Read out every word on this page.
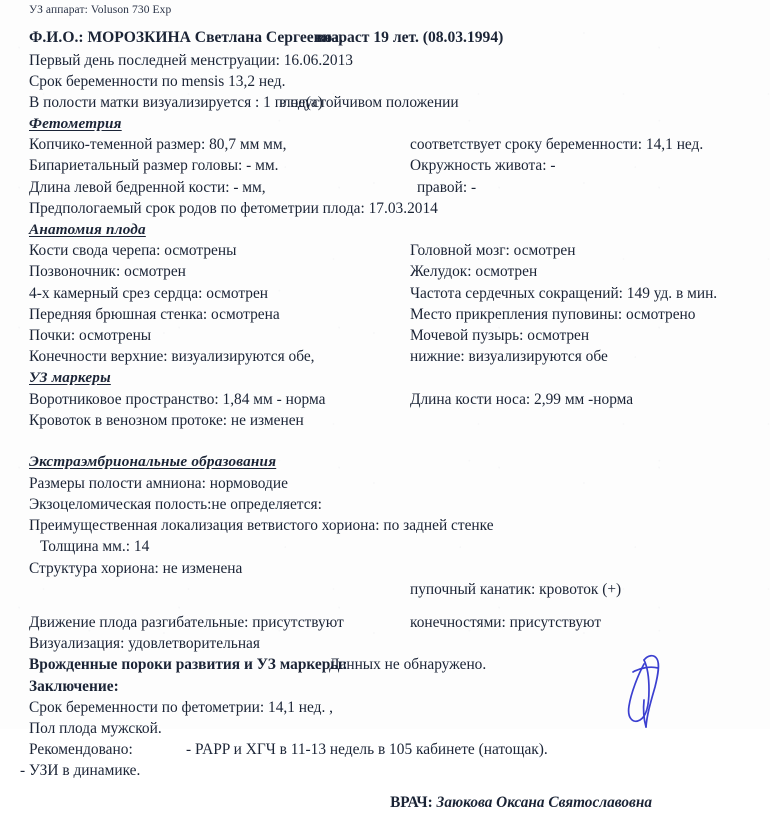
УЗ аппарат: Voluson 730 Exp
Ф.И.О.: МОРОЗКИНА Светлана Сергеевна,
возраст 19 лет. (08.03.1994)
Первый день последней менструации: 16.06.2013
Срок беременности по mensis 13,2 нед.
В полости матки визуализируется : 1 плод(а)
в неустойчивом положении
Фетометрия
Копчико-теменной размер: 80,7 мм мм,	соответствует сроку беременности: 14,1 нед.
Бипариетальный размер головы: - мм.	Окружность живота: -
Длина левой бедренной кости: - мм,	правой: -
Предпологаемый срок родов по фетометрии плода: 17.03.2014
Анатомия плода
Кости свода черепа: осмотрены	Головной мозг: осмотрен
Позвоночник: осмотрен	Желудок: осмотрен
4-х камерный срез сердца: осмотрен	Частота сердечных сокращений: 149 уд. в мин.
Передняя брюшная стенка: осмотрена	Место прикрепления пуповины: осмотрено
Почки: осмотрены	Мочевой пузырь: осмотрен
Конечности верхние: визуализируются обе,	нижние: визуализируются обе
УЗ маркеры
Воротниковое пространство: 1,84 мм - норма	Длина кости носа: 2,99 мм -норма
Кровоток в венозном протоке: не изменен
Экстраэмбриональные образования
Размеры полости амниона: нормоводие
Экзоцеломическая полость:не определяется:
Преимущественная локализация ветвистого хориона: по задней стенке
Толщина мм.: 14
Структура хориона: не изменена
пупочный канатик: кровоток (+)
Движение плода разгибательные: присутствуют	конечностями: присутствуют
Визуализация: удовлетворительная
Врожденные пороки развития и УЗ маркеры:
Данных не обнаружено.
Заключение:
Срок беременности по фетометрии: 14,1 нед. ,
Пол плода мужской.
Рекомендовано:	- PAPP и ХГЧ в 11-13 недель в 105 кабинете (натощак).
- УЗИ в динамике.
ВРАЧ: Заюкова Оксана Святославовна
